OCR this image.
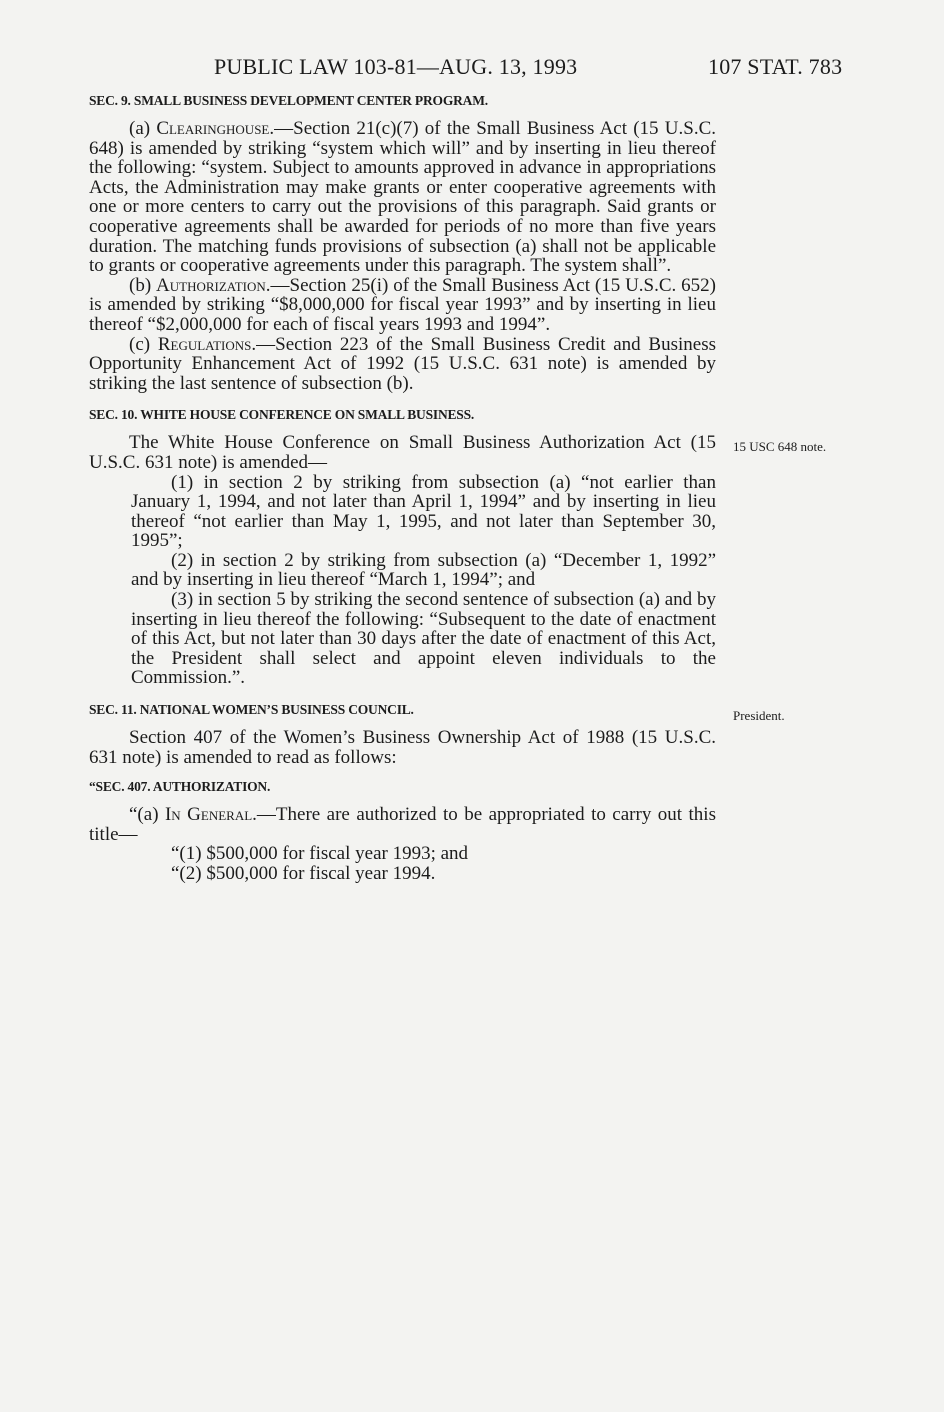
PUBLIC LAW 103-81—AUG. 13, 1993	107 STAT. 783
SEC. 9. SMALL BUSINESS DEVELOPMENT CENTER PROGRAM.

(a) Clearinghouse.—Section 21(c)(7) of the Small Business Act (15 U.S.C. 648) is amended by striking “system which will” and by inserting in lieu thereof the following: “system. Subject to amounts approved in advance in appropriations Acts, the Administration may make grants or enter cooperative agreements with one or more centers to carry out the provisions of this paragraph. Said grants or cooperative agreements shall be awarded for periods of no more than five years duration. The matching funds provisions of subsection (a) shall not be applicable to grants or cooperative agreements under this paragraph. The system shall”.

(b) Authorization.—Section 25(i) of the Small Business Act (15 U.S.C. 652) is amended by striking “$8,000,000 for fiscal year 1993” and by inserting in lieu thereof “$2,000,000 for each of fiscal years 1993 and 1994”.

(c) Regulations.—Section 223 of the Small Business Credit and Business Opportunity Enhancement Act of 1992 (15 U.S.C. 631 note) is amended by striking the last sentence of subsection (b).

SEC. 10. WHITE HOUSE CONFERENCE ON SMALL BUSINESS.

The White House Conference on Small Business Authorization Act (15 U.S.C. 631 note) is amended—

(1) in section 2 by striking from subsection (a) “not earlier than January 1, 1994, and not later than April 1, 1994” and by inserting in lieu thereof “not earlier than May 1, 1995, and not later than September 30, 1995”;

(2) in section 2 by striking from subsection (a) “December 1, 1992” and by inserting in lieu thereof “March 1, 1994”; and

(3) in section 5 by striking the second sentence of subsection (a) and by inserting in lieu thereof the following: “Subsequent to the date of enactment of this Act, but not later than 30 days after the date of enactment of this Act, the President shall select and appoint eleven individuals to the Commission.”.

SEC. 11. NATIONAL WOMEN’S BUSINESS COUNCIL.

Section 407 of the Women’s Business Ownership Act of 1988 (15 U.S.C. 631 note) is amended to read as follows:

“SEC. 407. AUTHORIZATION.

“(a) In General.—There are authorized to be appropriated to carry out this title—

“(1) $500,000 for fiscal year 1993; and

“(2) $500,000 for fiscal year 1994.

15 USC 648 note.
President.
